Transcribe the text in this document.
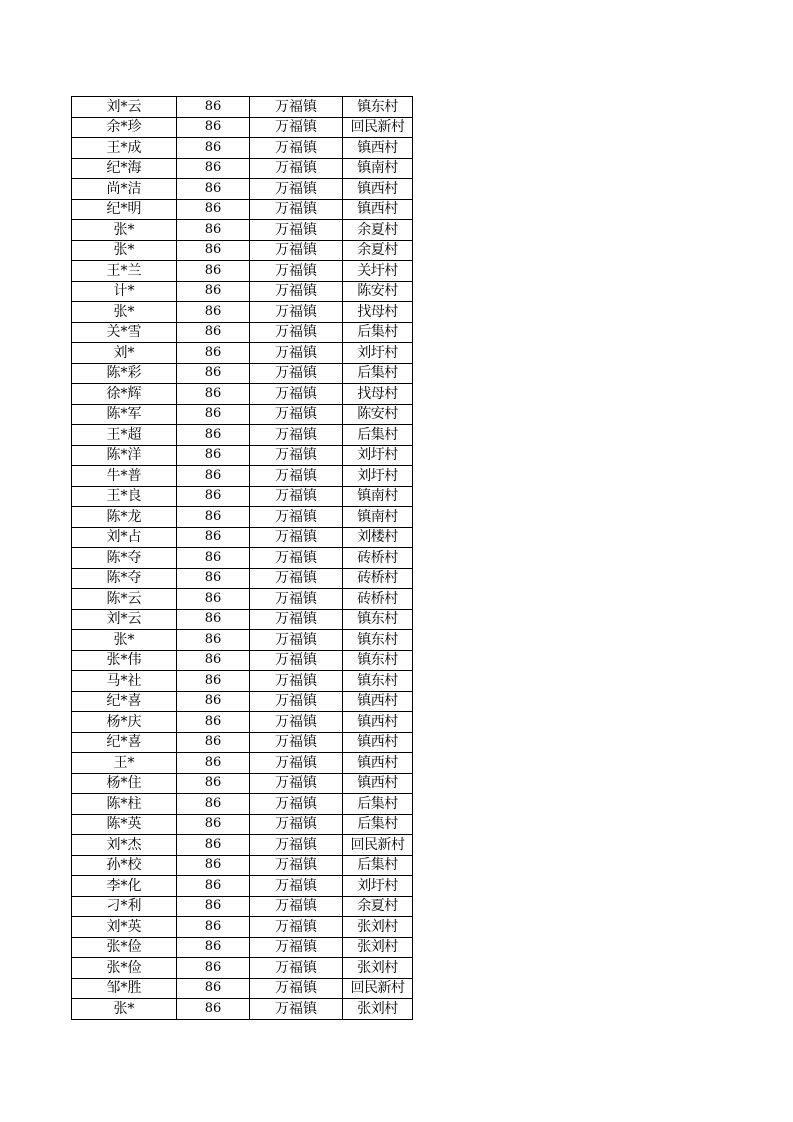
刘*云	86	万福镇	镇东村
余*珍	86	万福镇	回民新村
王*成	86	万福镇	镇西村
纪*海	86	万福镇	镇南村
尚*洁	86	万福镇	镇西村
纪*明	86	万福镇	镇西村
张*	86	万福镇	余夏村
张*	86	万福镇	余夏村
王*兰	86	万福镇	关圩村
计*	86	万福镇	陈安村
张*	86	万福镇	找母村
关*雪	86	万福镇	后集村
刘*	86	万福镇	刘圩村
陈*彩	86	万福镇	后集村
徐*辉	86	万福镇	找母村
陈*军	86	万福镇	陈安村
王*超	86	万福镇	后集村
陈*洋	86	万福镇	刘圩村
牛*普	86	万福镇	刘圩村
王*良	86	万福镇	镇南村
陈*龙	86	万福镇	镇南村
刘*占	86	万福镇	刘楼村
陈*夺	86	万福镇	砖桥村
陈*夺	86	万福镇	砖桥村
陈*云	86	万福镇	砖桥村
刘*云	86	万福镇	镇东村
张*	86	万福镇	镇东村
张*伟	86	万福镇	镇东村
马*社	86	万福镇	镇东村
纪*喜	86	万福镇	镇西村
杨*庆	86	万福镇	镇西村
纪*喜	86	万福镇	镇西村
王*	86	万福镇	镇西村
杨*住	86	万福镇	镇西村
陈*柱	86	万福镇	后集村
陈*英	86	万福镇	后集村
刘*杰	86	万福镇	回民新村
孙*校	86	万福镇	后集村
李*化	86	万福镇	刘圩村
刁*利	86	万福镇	余夏村
刘*英	86	万福镇	张刘村
张*俭	86	万福镇	张刘村
张*俭	86	万福镇	张刘村
邹*胜	86	万福镇	回民新村
张*	86	万福镇	张刘村
